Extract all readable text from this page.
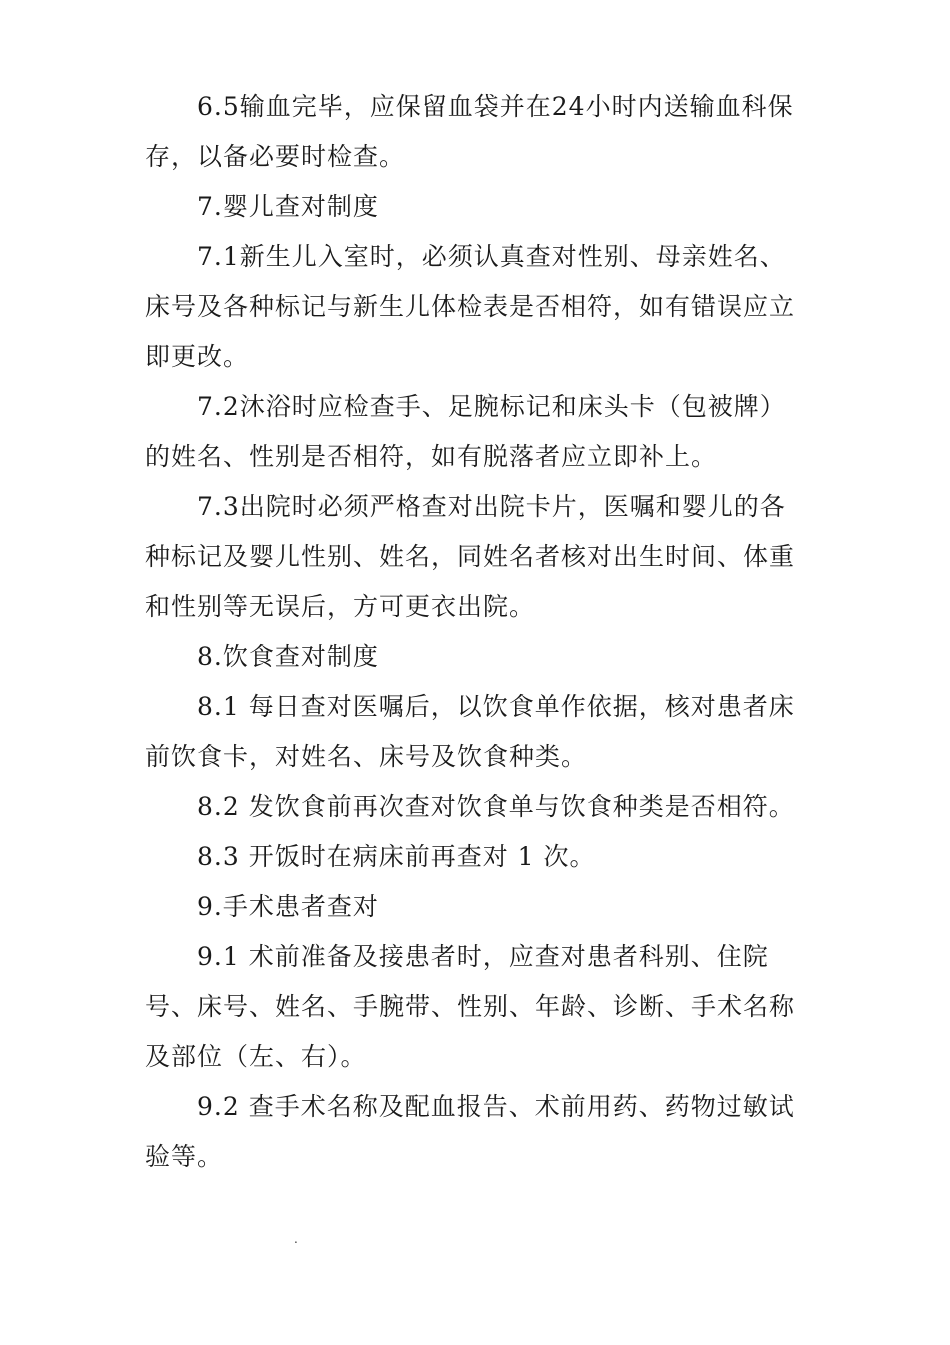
6.5输血完毕，应保留血袋并在24小时内送输血科保存，以备必要时检查。

7.婴儿查对制度

7.1新生儿入室时，必须认真查对性别、母亲姓名、床号及各种标记与新生儿体检表是否相符，如有错误应立即更改。

7.2沐浴时应检查手、足腕标记和床头卡（包被牌）的姓名、性别是否相符，如有脱落者应立即补上。

7.3出院时必须严格查对出院卡片，医嘱和婴儿的各种标记及婴儿性别、姓名，同姓名者核对出生时间、体重和性别等无误后，方可更衣出院。

8.饮食查对制度

8.1 每日查对医嘱后，以饮食单作依据，核对患者床前饮食卡，对姓名、床号及饮食种类。

8.2 发饮食前再次查对饮食单与饮食种类是否相符。

8.3 开饭时在病床前再查对 1 次。

9.手术患者查对

9.1 术前准备及接患者时，应查对患者科别、住院号、床号、姓名、手腕带、性别、年龄、诊断、手术名称及部位（左、右）。

9.2 查手术名称及配血报告、术前用药、药物过敏试验等。

.
